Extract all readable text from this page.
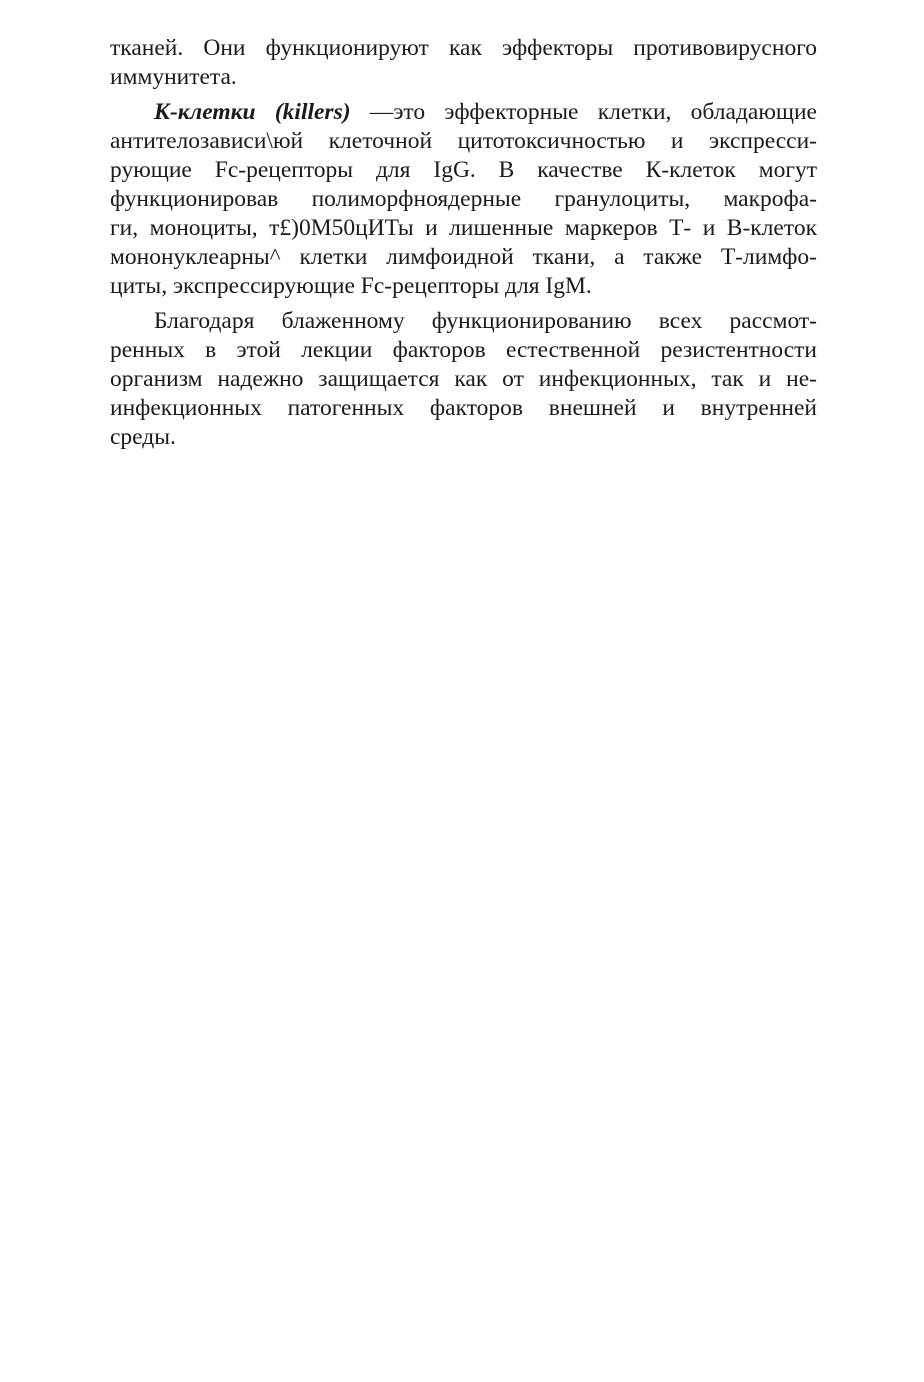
тканей. Они функционируют как эффекторы противовирусного
иммунитета.
К-клетки (killers) —это эффекторные клетки, обладающие
антителозависи\юй клеточной цитотоксичностью и экспресси-
рующие Fc-рецепторы для IgG. В качестве К-клеток могут
функционировав полиморфноядерные гранулоциты, макрофа-
ги, моноциты, т£)0М50цИТы и лишенные маркеров Т- и В-клеток
мононуклеарны^ клетки лимфоидной ткани, а также Т-лимфо-
циты, экспрессирующие Fc-рецепторы для IgM.
Благодаря блаженному функционированию всех рассмот-
ренных в этой лекции факторов естественной резистентности
организм надежно защищается как от инфекционных, так и не-
инфекционных патогенных факторов внешней и внутренней
среды.
